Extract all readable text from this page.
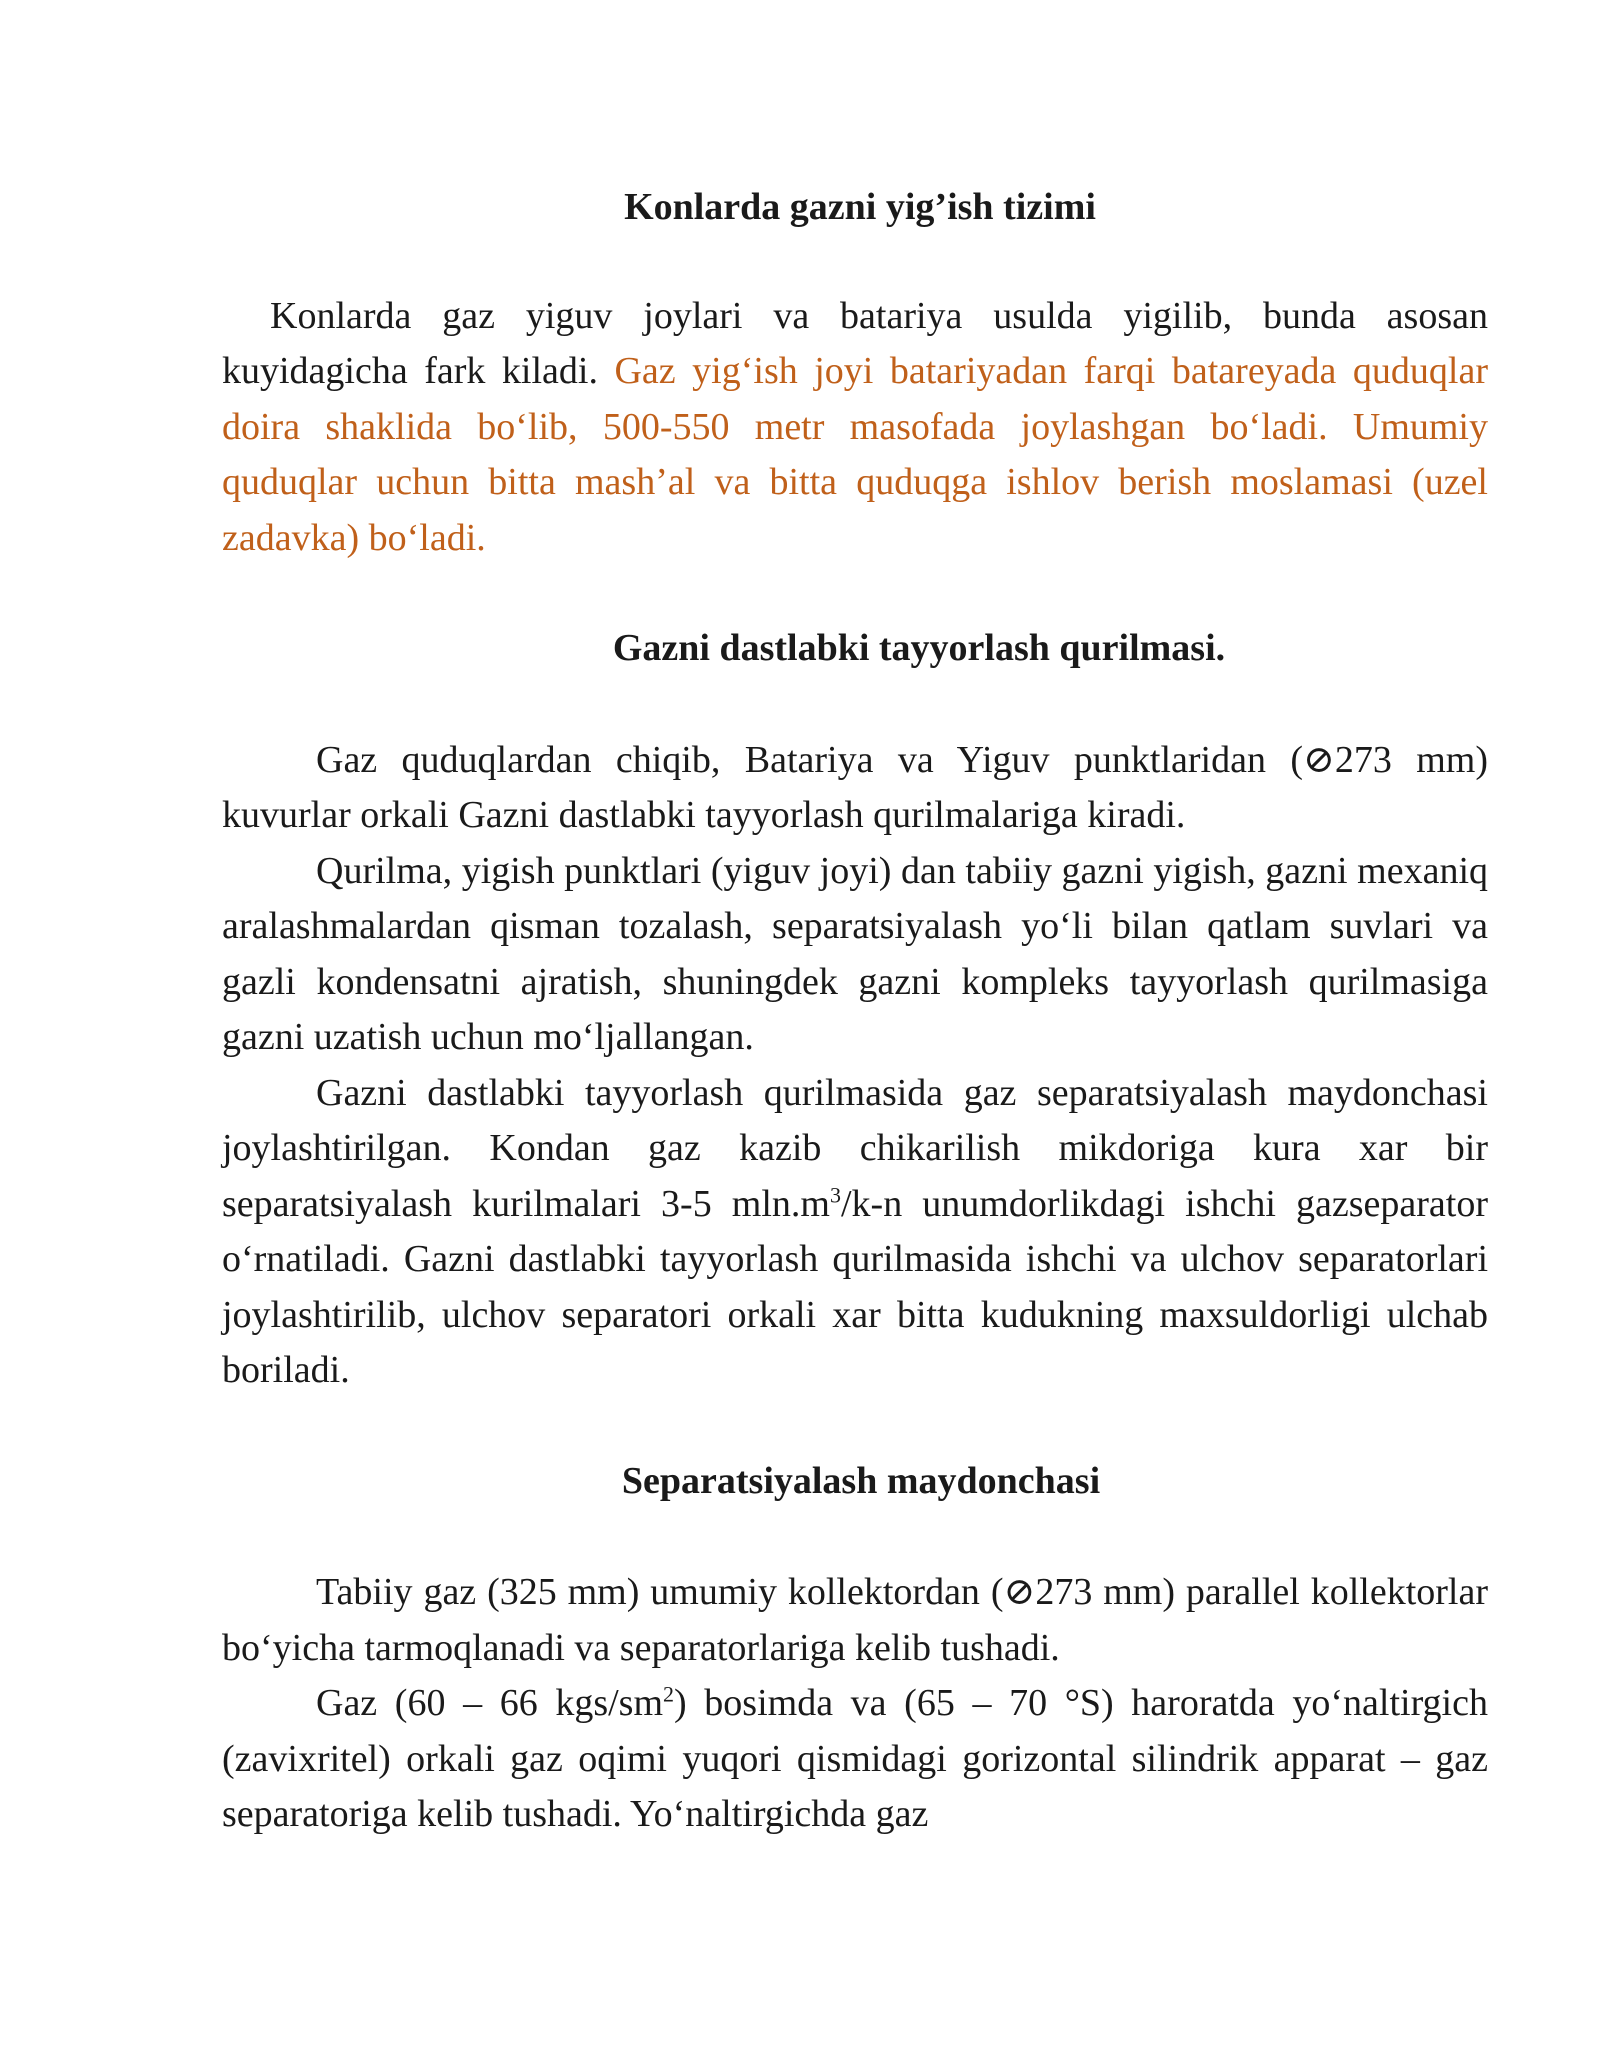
Konlarda gazni yig’ish tizimi

Konlarda gaz yiguv joylari va batariya usulda yigilib, bunda asosan kuyidagicha fark kiladi. Gaz yig‘ish joyi batariyadan farqi batareyada quduqlar doira shaklida bo‘lib, 500-550 metr masofada joylashgan bo‘ladi. Umumiy quduqlar uchun bitta mash’al va bitta quduqga ishlov berish moslamasi (uzel zadavka) bo‘ladi.

Gazni dastlabki tayyorlash qurilmasi.

Gaz quduqlardan chiqib, Batariya va Yiguv punktlaridan (⊘273 mm) kuvurlar orkali Gazni dastlabki tayyorlash qurilmalariga kiradi.

Qurilma, yigish punktlari (yiguv joyi) dan tabiiy gazni yigish, gazni mexaniq aralashmalardan qisman tozalash, separatsiyalash yo‘li bilan qatlam suvlari va gazli kondensatni ajratish, shuningdek gazni kompleks tayyorlash qurilmasiga gazni uzatish uchun mo‘ljallangan.

Gazni dastlabki tayyorlash qurilmasida gaz separatsiyalash maydonchasi joylashtirilgan. Kondan gaz kazib chikarilish mikdoriga kura xar bir separatsiyalash kurilmalari 3-5 $mln.m^3/k-n$ unumdorlikdagi ishchi gazseparator o‘rnatiladi. Gazni dastlabki tayyorlash qurilmasida ishchi va ulchov separatorlari joylashtirilib, ulchov separatori orkali xar bitta kudukning maxsuldorligi ulchab boriladi.

Separatsiyalash maydonchasi

Tabiiy gaz (325 mm) umumiy kollektordan (⊘273 mm) parallel kollektorlar bo‘yicha tarmoqlanadi va separatorlariga kelib tushadi.

Gaz (60 – 66 kgs/$sm^2$) bosimda va (65 – 70 °S) haroratda yo‘naltirgich (zavixritel) orkali gaz oqimi yuqori qismidagi gorizontal silindrik apparat – gaz separatoriga kelib tushadi. Yo‘naltirgichda gaz
